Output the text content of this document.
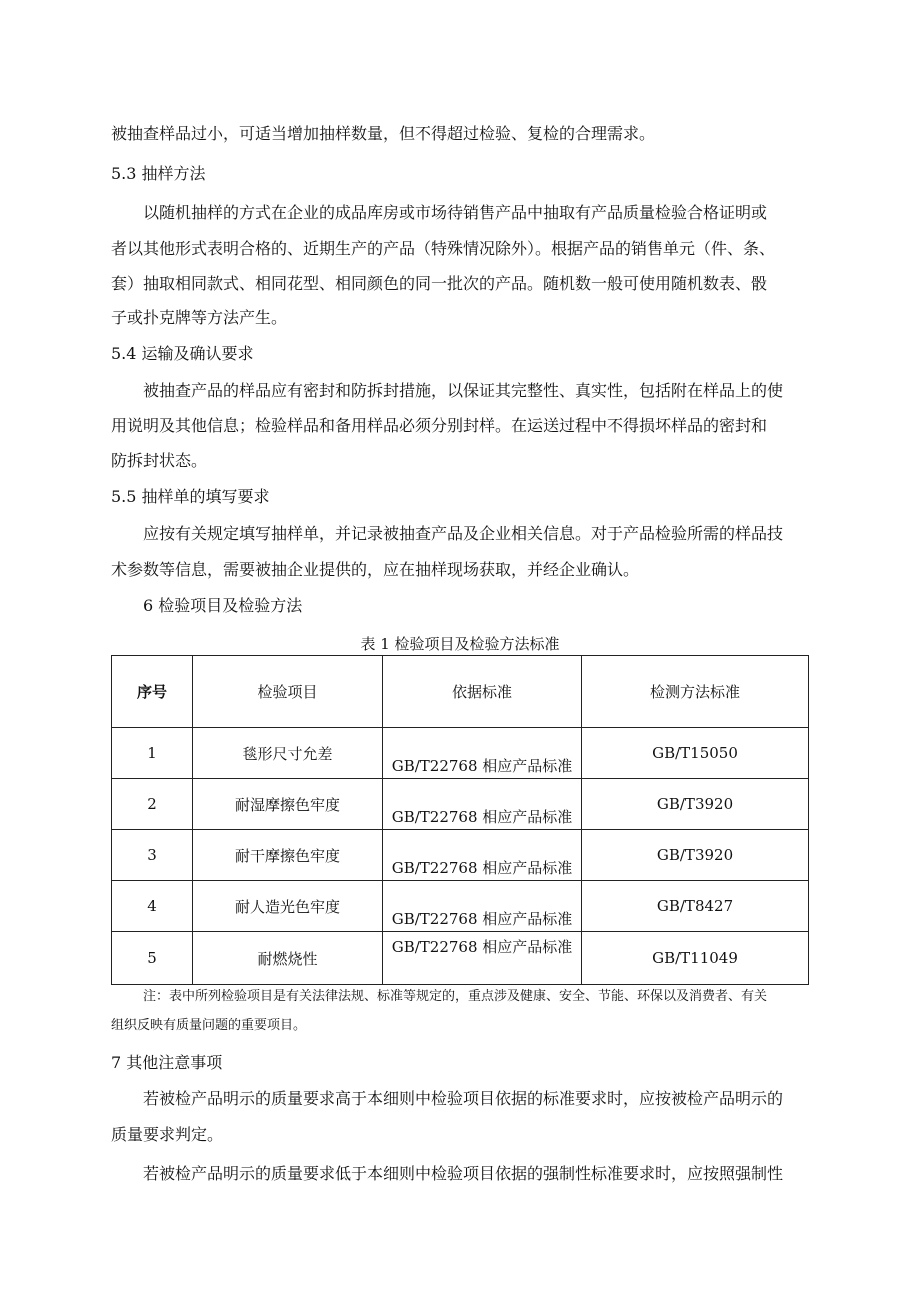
被抽查样品过小，可适当增加抽样数量，但不得超过检验、复检的合理需求。
5.3 抽样方法
以随机抽样的方式在企业的成品库房或市场待销售产品中抽取有产品质量检验合格证明或
者以其他形式表明合格的、近期生产的产品（特殊情况除外）。根据产品的销售单元（件、条、
套）抽取相同款式、相同花型、相同颜色的同一批次的产品。随机数一般可使用随机数表、骰
子或扑克牌等方法产生。
5.4 运输及确认要求
被抽查产品的样品应有密封和防拆封措施，以保证其完整性、真实性，包括附在样品上的使
用说明及其他信息；检验样品和备用样品必须分别封样。在运送过程中不得损坏样品的密封和
防拆封状态。
5.5 抽样单的填写要求
应按有关规定填写抽样单，并记录被抽查产品及企业相关信息。对于产品检验所需的样品技
术参数等信息，需要被抽企业提供的，应在抽样现场获取，并经企业确认。
6 检验项目及检验方法
表 1 检验项目及检验方法标准
序号	检验项目	依据标准	检测方法标准
1	毯形尺寸允差	GB/T22768 相应产品标准	GB/T15050
2	耐湿摩擦色牢度	GB/T22768 相应产品标准	GB/T3920
3	耐干摩擦色牢度	GB/T22768 相应产品标准	GB/T3920
4	耐人造光色牢度	GB/T22768 相应产品标准	GB/T8427
5	耐燃烧性	GB/T22768 相应产品标准	GB/T11049
注：表中所列检验项目是有关法律法规、标准等规定的，重点涉及健康、安全、节能、环保以及消费者、有关
组织反映有质量问题的重要项目。
7 其他注意事项
若被检产品明示的质量要求高于本细则中检验项目依据的标准要求时，应按被检产品明示的
质量要求判定。
若被检产品明示的质量要求低于本细则中检验项目依据的强制性标准要求时，应按照强制性
